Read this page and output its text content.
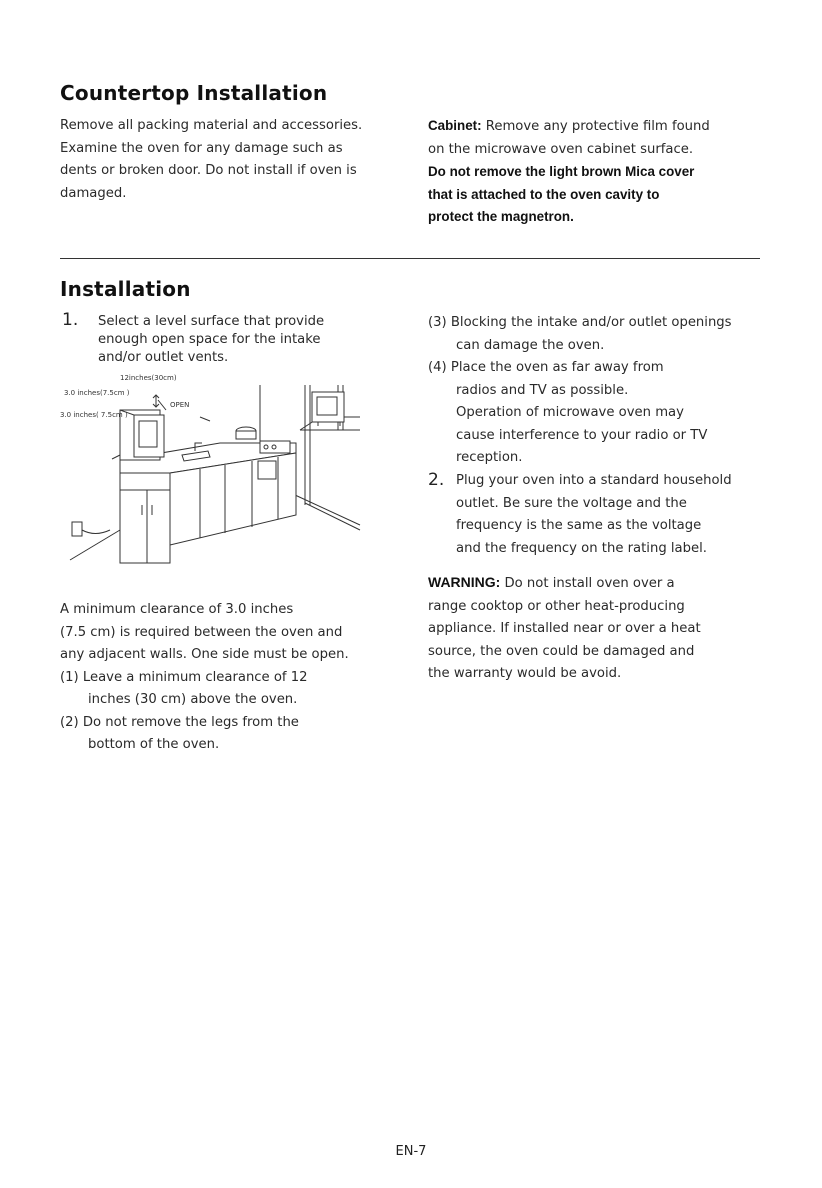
Countertop Installation

Remove all packing material and accessories.

Examine the oven for any damage such as

dents or broken door. Do not install if oven is

damaged.

Cabinet: Remove any protective film found

on the microwave oven cabinet surface.

Do not remove the light brown Mica cover

that is attached to the oven cavity to

protect the magnetron.

Installation
1. Select a level surface that provide

enough open space for the intake

and/or outlet vents.

12inches(30cm)
3.0 inches(7.5cm )
OPEN
3.0 inches( 7.5cm )

A minimum clearance of 3.0 inches

(7.5 cm) is required between the oven and

any adjacent walls. One side must be open.

(1) Leave a minimum clearance of 12

inches (30 cm) above the oven.

(2) Do not remove the legs from the

bottom of the oven.

(3) Blocking the intake and/or outlet openings

can damage the oven.

(4) Place the oven as far away from

radios and TV as possible.

Operation of microwave oven may

cause interference to your radio or TV

reception.

2. Plug your oven into a standard household

outlet. Be sure the voltage and the

frequency is the same as the voltage

and the frequency on the rating label.

WARNING: Do not install oven over a

range cooktop or other heat-producing

appliance. If installed near or over a heat

source, the oven could be damaged and

the warranty would be avoid.

EN-7
